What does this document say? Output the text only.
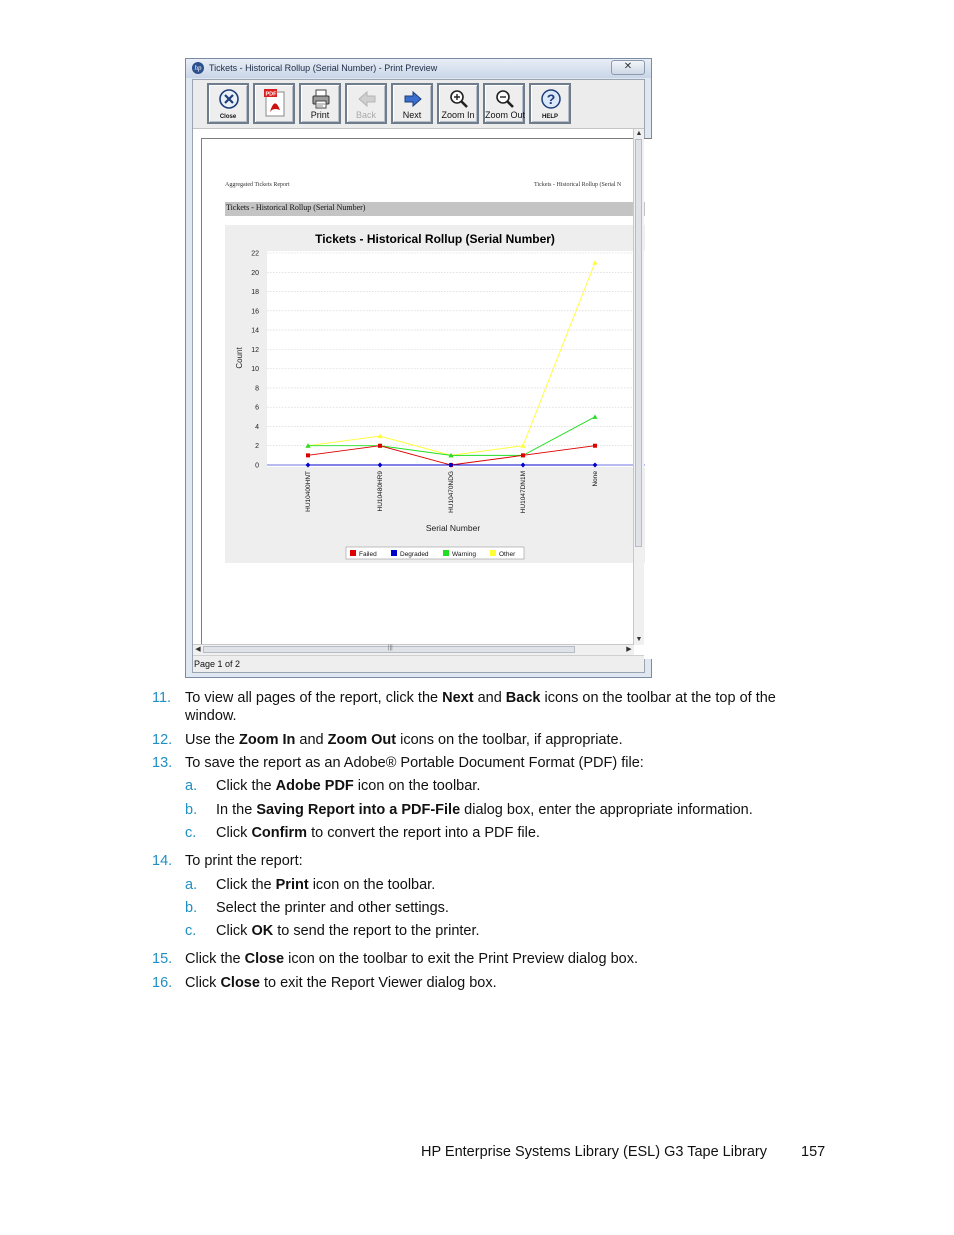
hp Tickets - Historical Rollup (Serial Number) - Print Preview	✕
Close
PDF
Print	Back	Next	Zoom In Zoom Out
?
HELP
Aggregated Tickets Report	Tickets - Historical Rollup (Serial N
Tickets - Historical Rollup (Serial Number)
Tickets - Historical Rollup (Serial Number)
0
2
4
6
8
10
12
14
16
18
20
22
HU10400HNT	HU10480HR9	HU10470NDG	HU1047DN1M	None
Count
Serial Number
Failed	Degraded	Warning	Other
▲
▼
◀	|||	▶
Page 1 of 2
11. To view all pages of the report, click the Next and Back icons on the toolbar at the top of the
window.
12. Use the Zoom In and Zoom Out icons on the toolbar, if appropriate.
13. To save the report as an Adobe® Portable Document Format (PDF) file:
a. Click the Adobe PDF icon on the toolbar.
b. In the Saving Report into a PDF-File dialog box, enter the appropriate information.
c. Click Confirm to convert the report into a PDF file.
14. To print the report:
a. Click the Print icon on the toolbar.
b. Select the printer and other settings.
c. Click OK to send the report to the printer.
15. Click the Close icon on the toolbar to exit the Print Preview dialog box.
16. Click Close to exit the Report Viewer dialog box.
HP Enterprise Systems Library (ESL) G3 Tape Library 157
